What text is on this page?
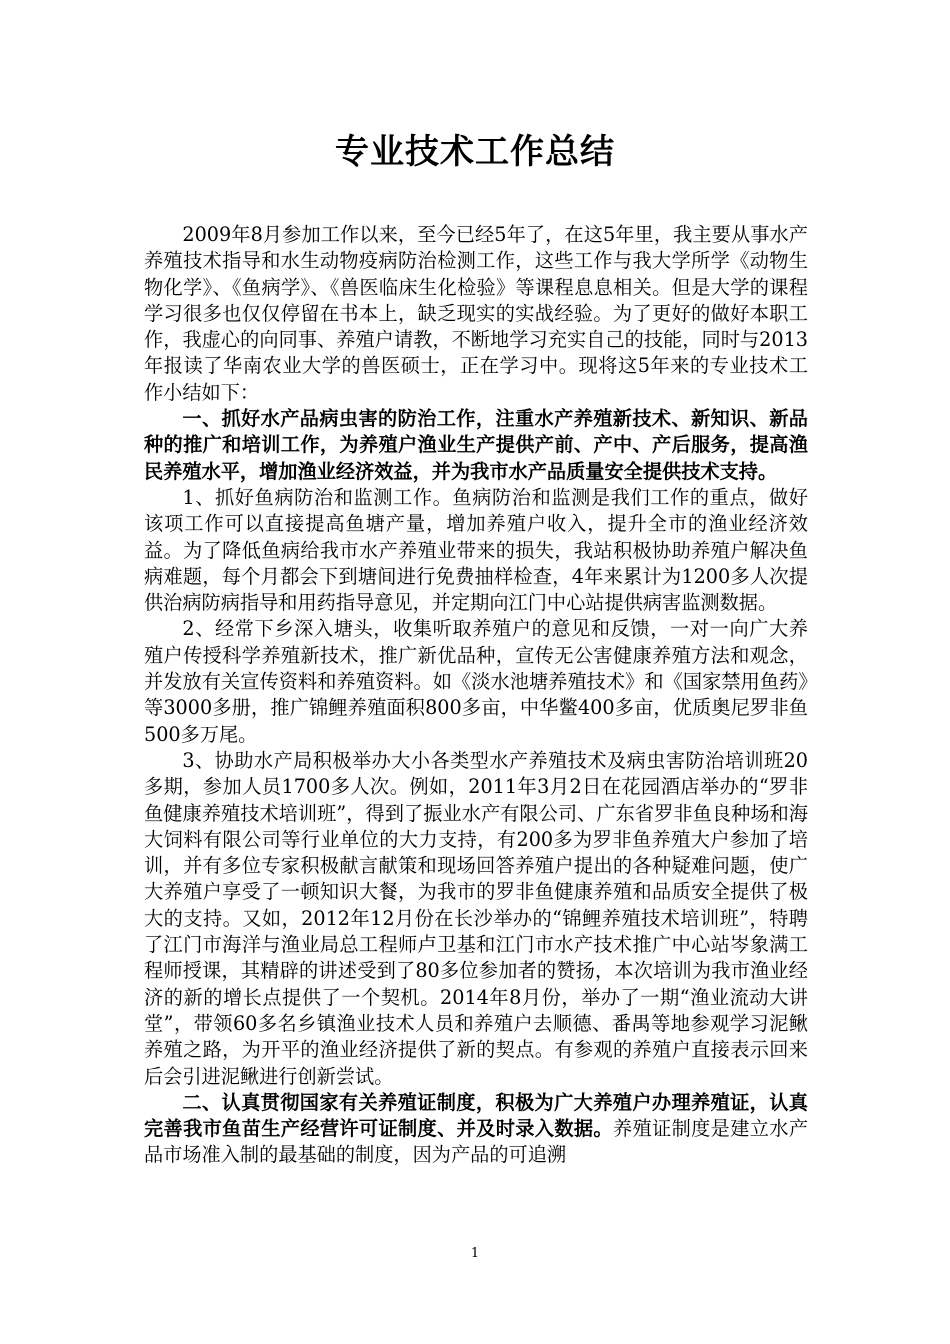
专业技术工作总结

2009年8月参加工作以来，至今已经5年了，在这5年里，我主要从事水产养殖技术指导和水生动物疫病防治检测工作，这些工作与我大学所学《动物生物化学》、《鱼病学》、《兽医临床生化检验》等课程息息相关。但是大学的课程学习很多也仅仅停留在书本上，缺乏现实的实战经验。为了更好的做好本职工作，我虚心的向同事、养殖户请教，不断地学习充实自己的技能，同时与2013年报读了华南农业大学的兽医硕士，正在学习中。现将这5年来的专业技术工作小结如下：

一、抓好水产品病虫害的防治工作，注重水产养殖新技术、新知识、新品种的推广和培训工作，为养殖户渔业生产提供产前、产中、产后服务，提高渔民养殖水平，增加渔业经济效益，并为我市水产品质量安全提供技术支持。

1、抓好鱼病防治和监测工作。鱼病防治和监测是我们工作的重点，做好该项工作可以直接提高鱼塘产量，增加养殖户收入，提升全市的渔业经济效益。为了降低鱼病给我市水产养殖业带来的损失，我站积极协助养殖户解决鱼病难题，每个月都会下到塘间进行免费抽样检查，4年来累计为1200多人次提供治病防病指导和用药指导意见，并定期向江门中心站提供病害监测数据。

2、经常下乡深入塘头，收集听取养殖户的意见和反馈，一对一向广大养殖户传授科学养殖新技术，推广新优品种，宣传无公害健康养殖方法和观念，并发放有关宣传资料和养殖资料。如《淡水池塘养殖技术》和《国家禁用鱼药》等3000多册，推广锦鲤养殖面积800多亩，中华鳖400多亩，优质奥尼罗非鱼500多万尾。

3、协助水产局积极举办大小各类型水产养殖技术及病虫害防治培训班20多期，参加人员1700多人次。例如，2011年3月2日在花园酒店举办的“罗非鱼健康养殖技术培训班”，得到了振业水产有限公司、广东省罗非鱼良种场和海大饲料有限公司等行业单位的大力支持，有200多为罗非鱼养殖大户参加了培训，并有多位专家积极献言献策和现场回答养殖户提出的各种疑难问题，使广大养殖户享受了一顿知识大餐，为我市的罗非鱼健康养殖和品质安全提供了极大的支持。又如，2012年12月份在长沙举办的“锦鲤养殖技术培训班”，特聘了江门市海洋与渔业局总工程师卢卫基和江门市水产技术推广中心站岑象满工程师授课，其精辟的讲述受到了80多位参加者的赞扬，本次培训为我市渔业经济的新的增长点提供了一个契机。2014年8月份，举办了一期“渔业流动大讲堂”，带领60多名乡镇渔业技术人员和养殖户去顺德、番禺等地参观学习泥鳅养殖之路，为开平的渔业经济提供了新的契点。有参观的养殖户直接表示回来后会引进泥鳅进行创新尝试。

二、认真贯彻国家有关养殖证制度，积极为广大养殖户办理养殖证，认真完善我市鱼苗生产经营许可证制度、并及时录入数据。养殖证制度是建立水产品市场准入制的最基础的制度，因为产品的可追溯

1
